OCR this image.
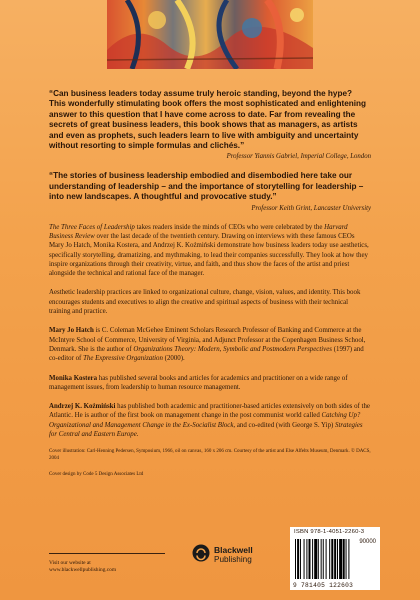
“Can business leaders today assume truly heroic standing, beyond the hype? This wonderfully stimulating book offers the most sophisticated and enlightening answer to this question that I have come across to date. Far from revealing the secrets of great business leaders, this book shows that as managers, as artists and even as prophets, such leaders learn to live with ambiguity and uncertainty without resorting to simple formulas and clichés.”
Professor Yiannis Gabriel, Imperial College, London
“The stories of business leadership embodied and disembodied here take our understanding of leadership – and the importance of storytelling for leadership – into new landscapes. A thoughtful and provocative study.”
Professor Keith Grint, Lancaster University
The Three Faces of Leadership takes readers inside the minds of CEOs who were celebrated by the Harvard Business Review over the last decade of the twentieth century. Drawing on interviews with these famous CEOs Mary Jo Hatch, Monika Kostera, and Andrzej K. Koźmiński demonstrate how business leaders today use aesthetics, specifically storytelling, dramatizing, and mythmaking, to lead their companies successfully. They look at how they inspire organizations through their creativity, virtue, and faith, and thus show the faces of the artist and priest alongside the technical and rational face of the manager.
Aesthetic leadership practices are linked to organizational culture, change, vision, values, and identity. This book encourages students and executives to align the creative and spiritual aspects of business with their technical training and practice.
Mary Jo Hatch is C. Coleman McGehee Eminent Scholars Research Professor of Banking and Commerce at the McIntyre School of Commerce, University of Virginia, and Adjunct Professor at the Copenhagen Business School, Denmark. She is the author of Organizations Theory: Modern, Symbolic and Postmodern Perspectives (1997) and co-editor of The Expressive Organization (2000).
Monika Kostera has published several books and articles for academics and practitioner on a wide range of management issues, from leadership to human resource management.
Andrzej K. Koźmiński has published both academic and practitioner-based articles extensively on both sides of the Atlantic. He is author of the first book on management change in the post communist world called Catching Up? Organizational and Management Change in the Ex-Socialist Block, and co-edited (with George S. Yip) Strategies for Central and Eastern Europe.
Cover illustration: Carl-Henning Pedersen, Symposium, 1966, oil on canvas, 160 x 206 cm. Courtesy of the artist and Else Alfelts Museum, Denmark. © DACS, 2004
Cover design by Code 5 Design Associates Ltd
Visit our website at
www.blackwellpublishing.com
Blackwell
Publishing
ISBN 978-1-4051-2260-3
90000
9 781405 122603
